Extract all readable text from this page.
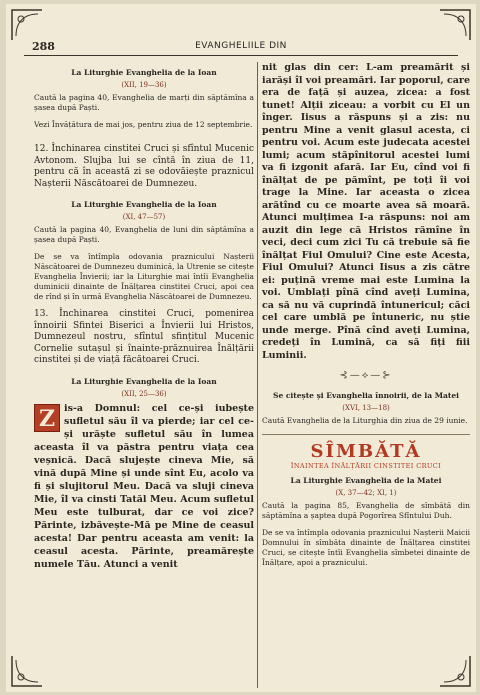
288	EVANGHELIILE DIN
La Liturghie Evanghelia de la Ioan
(XII, 19—36)

Caută la pagina 40, Evanghelia de marți din săptămîna a șasea după Paști.

Vezi Învățătura de mai jos, pentru ziua de 12 septembrie.

12. Închinarea cinstitei Cruci și sfîntul Mucenic Avtonom. Slujba lui se cîntă în ziua de 11, pentru că în această zi se odovăiește praznicul Nașterii Născătoarei de Dumnezeu.

La Liturghie Evanghelia de la Ioan
(XI, 47—57)

Caută la pagina 40, Evanghelia de luni din săptămîna a șasea după Paști.

De se va întîmpla odovania praznicului Nașterii Născătoarei de Dumnezeu duminică, la Utrenie se citește Evanghelia Învierii; iar la Liturghie mai întîi Evanghelia duminicii dinainte de Înălțarea cinstitei Cruci, apoi cea de rînd și în urmă Evanghelia Născătoarei de Dumnezeu.

13. Închinarea cinstitei Cruci, pomenirea înnoirii Sfintei Biserici a Învierii lui Hristos, Dumnezeul nostru, sfîntul sfințitul Mucenic Cornelie sutașul și înainte-prăznuirea Înălțării cinstitei și de viață făcătoarei Cruci.

La Liturghie Evanghelia de la Ioan
(XII, 25—36)
Z is-a Domnul: cel ce-și iubește sufletul său îl va pierde; iar cel ce-și urăște sufletul său în lumea aceasta îl va păstra pentru viața cea veșnică. Dacă slujește cineva Mie, să vină după Mine și unde sînt Eu, acolo va fi și slujitorul Meu. Dacă va sluji cineva Mie, îl va cinsti Tatăl Meu. Acum sufletul Meu este tulburat, dar ce voi zice? Părinte, izbăvește-Mă pe Mine de ceasul acesta! Dar pentru aceasta am venit: la ceasul acesta. Părinte, preamărește numele Tău. Atunci a venit

nit glas din cer: L-am preamărit și iarăși îl voi preamări. Iar poporul, care era de față și auzea, zicea: a fost tunet! Alții ziceau: a vorbit cu El un înger. Iisus a răspuns și a zis: nu pentru Mine a venit glasul acesta, ci pentru voi. Acum este judecata acestei lumi; acum stăpînitorul acestei lumi va fi izgonit afară. Iar Eu, cînd voi fi înălțat de pe pămînt, pe toți îi voi trage la Mine. Iar aceasta o zicea arătînd cu ce moarte avea să moară. Atunci mulțimea I-a răspuns: noi am auzit din lege că Hristos rămîne în veci, deci cum zici Tu că trebuie să fie înălțat Fiul Omului? Cine este Acesta, Fiul Omului? Atunci Iisus a zis către ei: puțină vreme mai este Lumina la voi. Umblați pînă cînd aveți Lumina, ca să nu vă cuprindă întunericul; căci cel care umblă pe întuneric, nu știe unde merge. Pînă cînd aveți Lumina, credeți în Lumină, ca să fiți fiii Luminii.

⊰—⟡—⊱
Se citește și Evanghelia înnoirii, de la Matei
(XVI, 13—18)

Caută Evanghelia de la Liturghia din ziua de 29 iunie.

SÎMBĂTĂ
ÎNAINTEA ÎNĂLȚĂRII CINSTITEI CRUCI
La Liturghie Evanghelia de la Matei
(X, 37—42; XI, 1)

Caută la pagina 85, Evanghelia de sîmbătă din săptămîna a șaptea după Pogorîrea Sfîntului Duh.

De se va întîmpla odovania praznicului Nașterii Maicii Domnului în sîmbăta dinainte de Înălțarea cinstitei Cruci, se citește întîi Evanghelia sîmbetei dinainte de Înălțare, apoi a praznicului.
